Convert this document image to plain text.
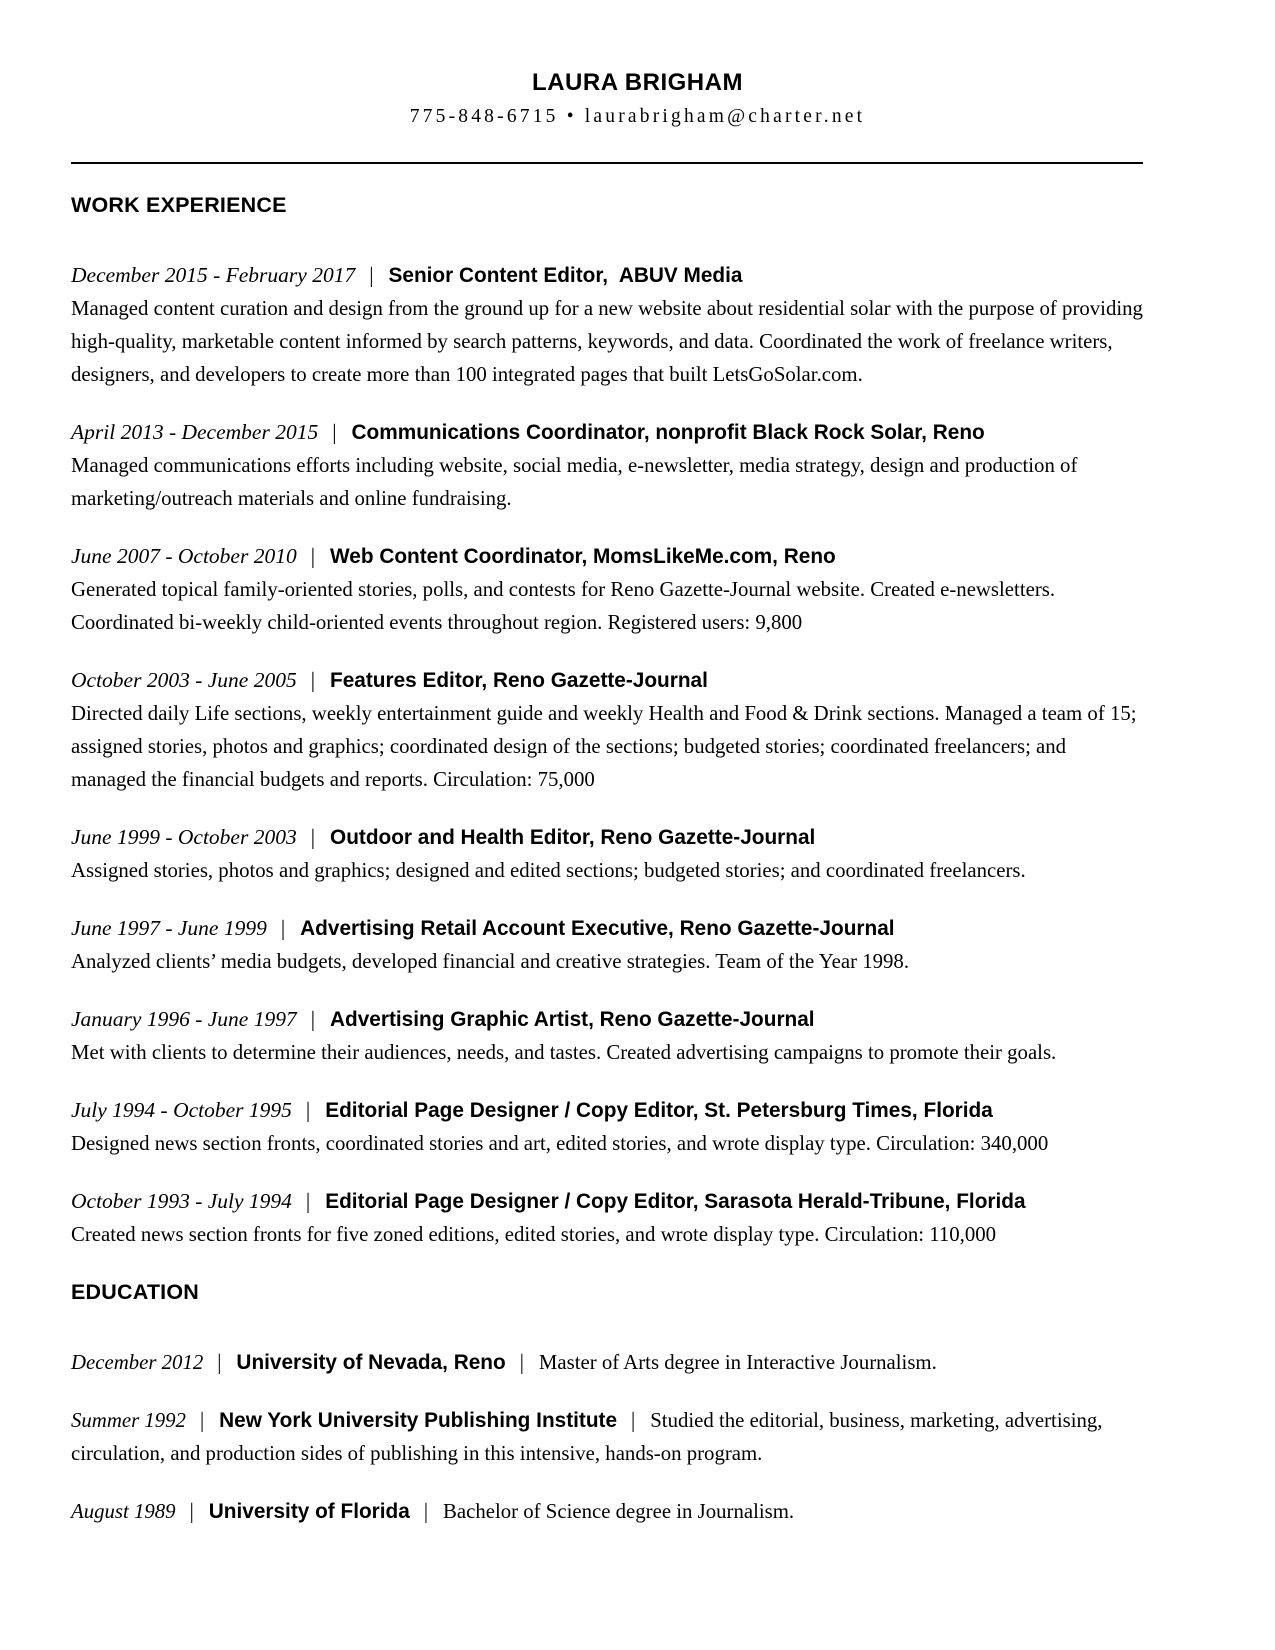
LAURA BRIGHAM

775-848-6715 • laurabrigham@charter.net

WORK EXPERIENCE

December 2015 - February 2017 | Senior Content Editor,  ABUV Media

Managed content curation and design from the ground up for a new website about residential solar with the purpose of providing high-quality, marketable content informed by search patterns, keywords, and data. Coordinated the work of freelance writers, designers, and developers to create more than 100 integrated pages that built LetsGoSolar.com.

April 2013 - December 2015 | Communications Coordinator, nonprofit Black Rock Solar, Reno

Managed communications efforts including website, social media, e-newsletter, media strategy, design and production of marketing/outreach materials and online fundraising.

June 2007 - October 2010 | Web Content Coordinator, MomsLikeMe.com, Reno

Generated topical family-oriented stories, polls, and contests for Reno Gazette-Journal website. Created e-newsletters. Coordinated bi-weekly child-oriented events throughout region. Registered users: 9,800

October 2003 - June 2005 | Features Editor, Reno Gazette-Journal

Directed daily Life sections, weekly entertainment guide and weekly Health and Food & Drink sections. Managed a team of 15; assigned stories, photos and graphics; coordinated design of the sections; budgeted stories; coordinated freelancers; and managed the financial budgets and reports. Circulation: 75,000

June 1999 - October 2003 | Outdoor and Health Editor, Reno Gazette-Journal

Assigned stories, photos and graphics; designed and edited sections; budgeted stories; and coordinated freelancers.

June 1997 - June 1999 | Advertising Retail Account Executive, Reno Gazette-Journal

Analyzed clients’ media budgets, developed financial and creative strategies. Team of the Year 1998.

January 1996 - June 1997 | Advertising Graphic Artist, Reno Gazette-Journal

Met with clients to determine their audiences, needs, and tastes. Created advertising campaigns to promote their goals.

July 1994 - October 1995 | Editorial Page Designer / Copy Editor, St. Petersburg Times, Florida

Designed news section fronts, coordinated stories and art, edited stories, and wrote display type. Circulation: 340,000

October 1993 - July 1994 | Editorial Page Designer / Copy Editor, Sarasota Herald-Tribune, Florida

Created news section fronts for five zoned editions, edited stories, and wrote display type. Circulation: 110,000

EDUCATION

December 2012 | University of Nevada, Reno | Master of Arts degree in Interactive Journalism.

Summer 1992 | New York University Publishing Institute | Studied the editorial, business, marketing, advertising, circulation, and production sides of publishing in this intensive, hands-on program.

August 1989 | University of Florida | Bachelor of Science degree in Journalism.
